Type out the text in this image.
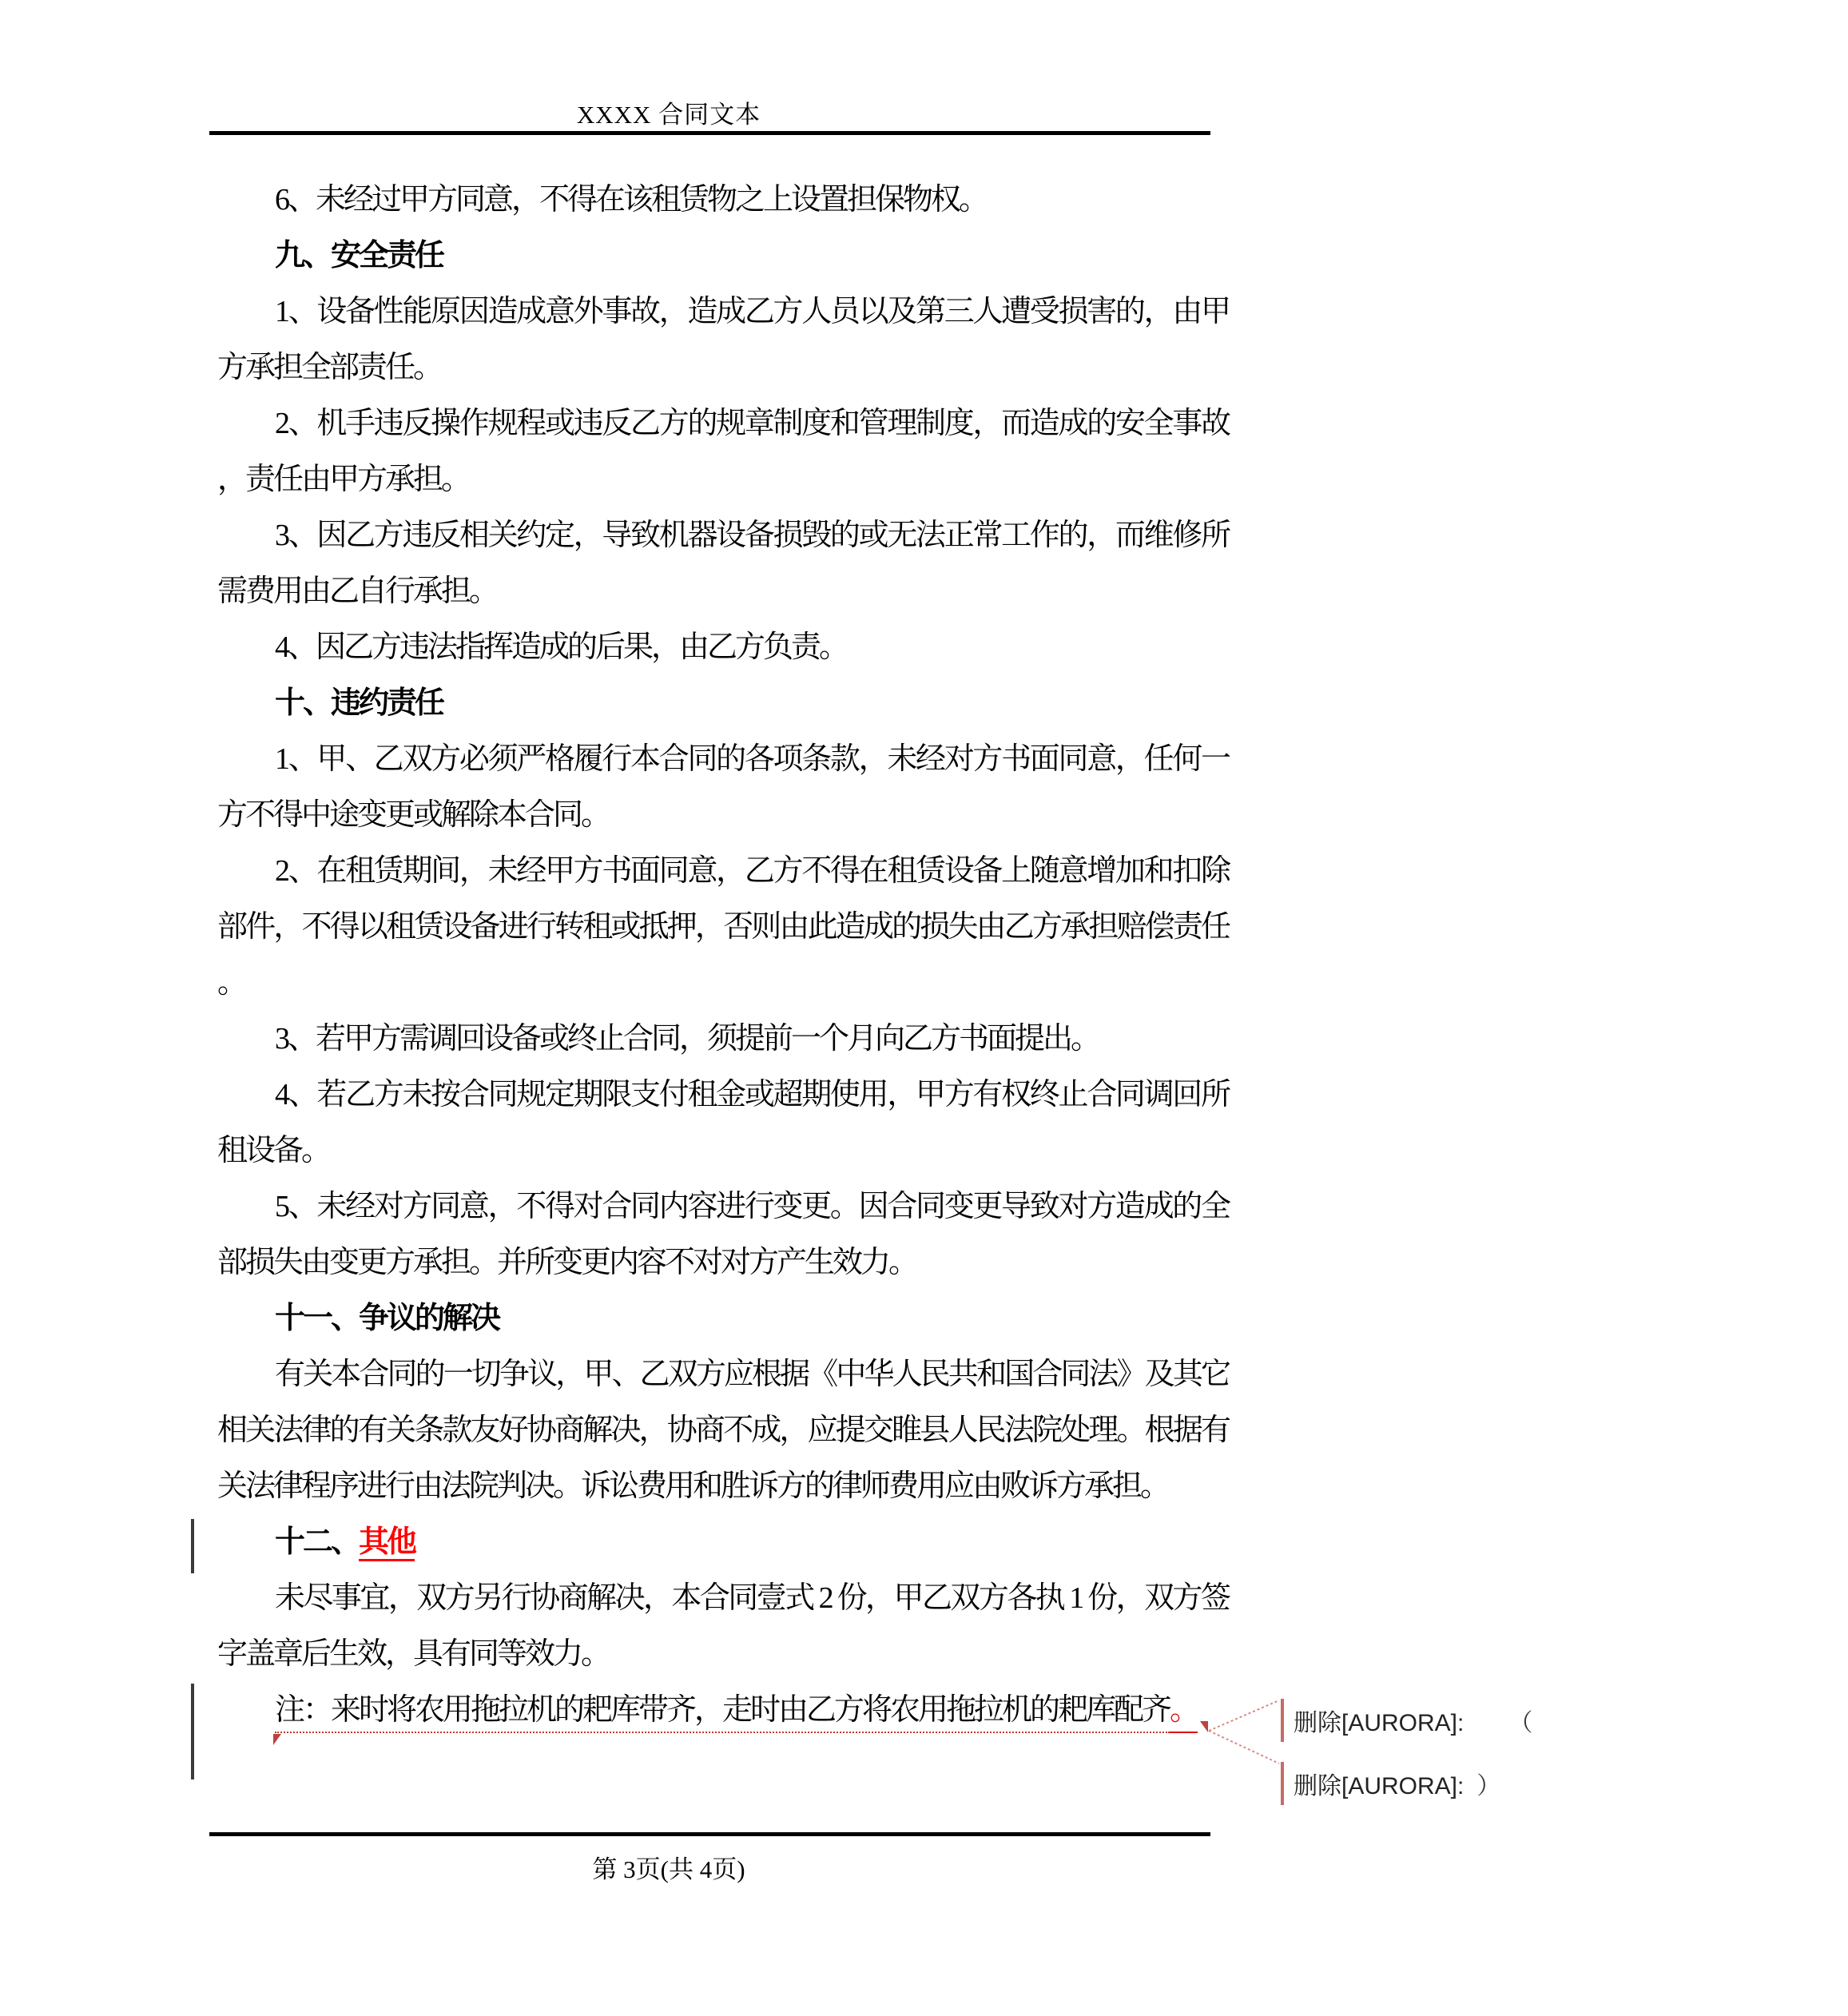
XXXX 合同文本

6、未经过甲方同意，不得在该租赁物之上设置担保物权。

九、安全责任

1、设备性能原因造成意外事故，造成乙方人员以及第三人遭受损害的，由甲方承担全部责任。

2、机手违反操作规程或违反乙方的规章制度和管理制度，而造成的安全事故，责任由甲方承担。

3、因乙方违反相关约定，导致机器设备损毁的或无法正常工作的，而维修所需费用由乙自行承担。

4、因乙方违法指挥造成的后果，由乙方负责。

十、违约责任

1、甲、乙双方必须严格履行本合同的各项条款，未经对方书面同意，任何一方不得中途变更或解除本合同。

2、在租赁期间，未经甲方书面同意，乙方不得在租赁设备上随意增加和扣除部件，不得以租赁设备进行转租或抵押，否则由此造成的损失由乙方承担赔偿责任。

3、若甲方需调回设备或终止合同，须提前一个月向乙方书面提出。

4、若乙方未按合同规定期限支付租金或超期使用，甲方有权终止合同调回所租设备。

5、未经对方同意，不得对合同内容进行变更。因合同变更导致对方造成的全部损失由变更方承担。并所变更内容不对对方产生效力。

十一、争议的解决

有关本合同的一切争议，甲、乙双方应根据《中华人民共和国合同法》及其它相关法律的有关条款友好协商解决，协商不成，应提交睢县人民法院处理。根据有关法律程序进行由法院判决。诉讼费用和胜诉方的律师费用应由败诉方承担。

十二、其他

未尽事宜，双方另行协商解决，本合同壹式 2 份，甲乙双方各执 1 份，双方签字盖章后生效，具有同等效力。

注：来时将农用拖拉机的耙库带齐，走时由乙方将农用拖拉机的耙库配齐。	删除[AURORA]: （
删除[AURORA]: ）
第 3页(共 4页)
